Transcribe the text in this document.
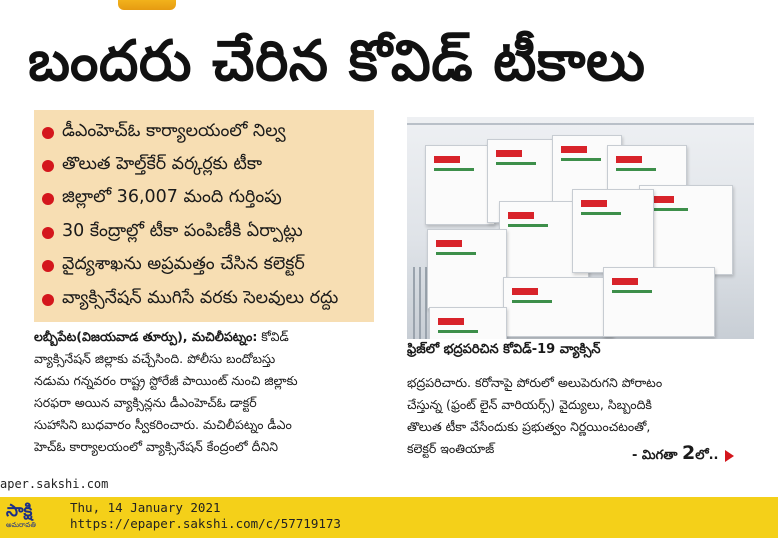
బందరు చేరిన కోవిడ్ టీకాలు
డీఎంహెచ్ఓ కార్యాలయంలో నిల్వ
తొలుత హెల్త్‌కేర్ వర్కర్లకు టీకా
జిల్లాలో 36,007 మంది గుర్తింపు
30 కేంద్రాల్లో టీకా పంపిణీకి ఏర్పాట్లు
వైద్యశాఖను అప్రమత్తం చేసిన కలెక్టర్
వ్యాక్సినేషన్ ముగిసే వరకు సెలవులు రద్దు
ఫ్రిజ్‌లో భద్రపరిచిన కోవిడ్-19 వ్యాక్సిన్
లబ్బీపేట(విజయవాడ తూర్పు), మచిలీపట్నం: కోవిడ్
వ్యాక్సినేషన్ జిల్లాకు వచ్చేసింది. పోలీసు బందోబస్తు
నడుమ గన్నవరం రాష్ట్ర స్టోరేజీ పాయింట్ నుంచి జిల్లాకు
సరఫరా అయిన వ్యాక్సిన్లను డీఎంహెచ్ఓ డాక్టర్
సుహాసిని బుధవారం స్వీకరించారు. మచిలీపట్నం డీఎం
హెచ్ఓ కార్యాలయంలో వ్యాక్సినేషన్ కేంద్రంలో దీనిని
భద్రపరిచారు. కరోనాపై పోరులో అలుపెరుగని పోరాటం
చేస్తున్న (ఫ్రంట్ లైన్ వారియర్స్) వైద్యులు, సిబ్బందికి
తొలుత టీకా వేసేందుకు ప్రభుత్వం నిర్ణయించటంతో,
కలెక్టర్ ఇంతియాజ్	- మిగతా 2లో..
aper.sakshi.com
సాక్షి
అమరావతి
Thu, 14 January 2021
https://epaper.sakshi.com/c/57719173
